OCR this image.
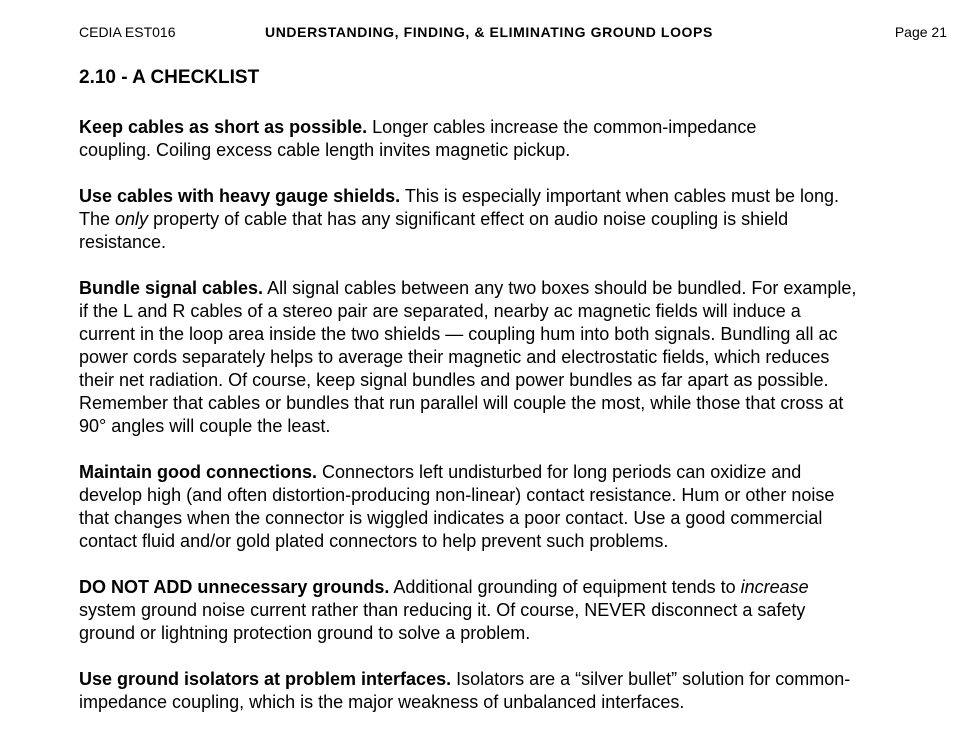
CEDIA EST016	UNDERSTANDING, FINDING, & ELIMINATING GROUND LOOPS	Page 21
2.10 - A CHECKLIST

Keep cables as short as possible. Longer cables increase the common-impedance
coupling. Coiling excess cable length invites magnetic pickup.

Use cables with heavy gauge shields. This is especially important when cables must be long.
The only property of cable that has any significant effect on audio noise coupling is shield
resistance.

Bundle signal cables. All signal cables between any two boxes should be bundled. For example,
if the L and R cables of a stereo pair are separated, nearby ac magnetic fields will induce a
current in the loop area inside the two shields — coupling hum into both signals. Bundling all ac
power cords separately helps to average their magnetic and electrostatic fields, which reduces
their net radiation. Of course, keep signal bundles and power bundles as far apart as possible.
Remember that cables or bundles that run parallel will couple the most, while those that cross at
90° angles will couple the least.

Maintain good connections. Connectors left undisturbed for long periods can oxidize and
develop high (and often distortion-producing non-linear) contact resistance. Hum or other noise
that changes when the connector is wiggled indicates a poor contact. Use a good commercial
contact fluid and/or gold plated connectors to help prevent such problems.

DO NOT ADD unnecessary grounds. Additional grounding of equipment tends to increase
system ground noise current rather than reducing it. Of course, NEVER disconnect a safety
ground or lightning protection ground to solve a problem.

Use ground isolators at problem interfaces. Isolators are a “silver bullet” solution for common-
impedance coupling, which is the major weakness of unbalanced interfaces.
